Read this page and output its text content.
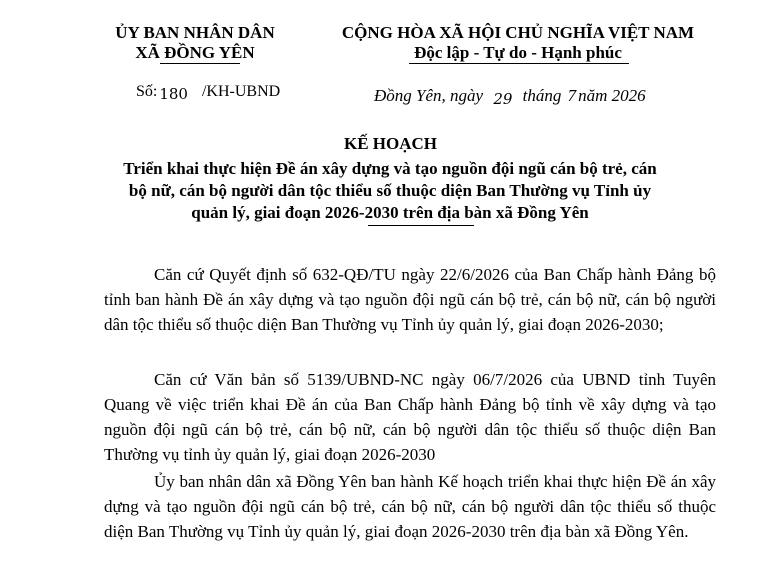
ỦY BAN NHÂN DÂN
XÃ ĐỒNG YÊN
CỘNG HÒA XÃ HỘI CHỦ NGHĨA VIỆT NAM
Độc lập - Tự do - Hạnh phúc
Số: 180 /KH-UBND	Đồng Yên, ngày 29 tháng 7 năm 2026
KẾ HOẠCH
Triển khai thực hiện Đề án xây dựng và tạo nguồn đội ngũ cán bộ trẻ, cán
bộ nữ, cán bộ người dân tộc thiểu số thuộc diện Ban Thường vụ Tỉnh ủy
quản lý, giai đoạn 2026-2030 trên địa bàn xã Đồng Yên
Căn cứ Quyết định số 632-QĐ/TU ngày 22/6/2026 của Ban Chấp hành Đảng bộ tỉnh ban hành Đề án xây dựng và tạo nguồn đội ngũ cán bộ trẻ, cán bộ nữ, cán bộ người dân tộc thiểu số thuộc diện Ban Thường vụ Tỉnh ủy quản lý, giai đoạn 2026-2030;
Căn cứ Văn bản số 5139/UBND-NC ngày 06/7/2026 của UBND tỉnh Tuyên Quang về việc triển khai Đề án của Ban Chấp hành Đảng bộ tỉnh về xây dựng và tạo nguồn đội ngũ cán bộ trẻ, cán bộ nữ, cán bộ người dân tộc thiểu số thuộc diện Ban Thường vụ tỉnh ủy quản lý, giai đoạn 2026-2030
Ủy ban nhân dân xã Đồng Yên ban hành Kế hoạch triển khai thực hiện Đề án xây dựng và tạo nguồn đội ngũ cán bộ trẻ, cán bộ nữ, cán bộ người dân tộc thiểu số thuộc diện Ban Thường vụ Tỉnh ủy quản lý, giai đoạn 2026-2030 trên địa bàn xã Đồng Yên.
